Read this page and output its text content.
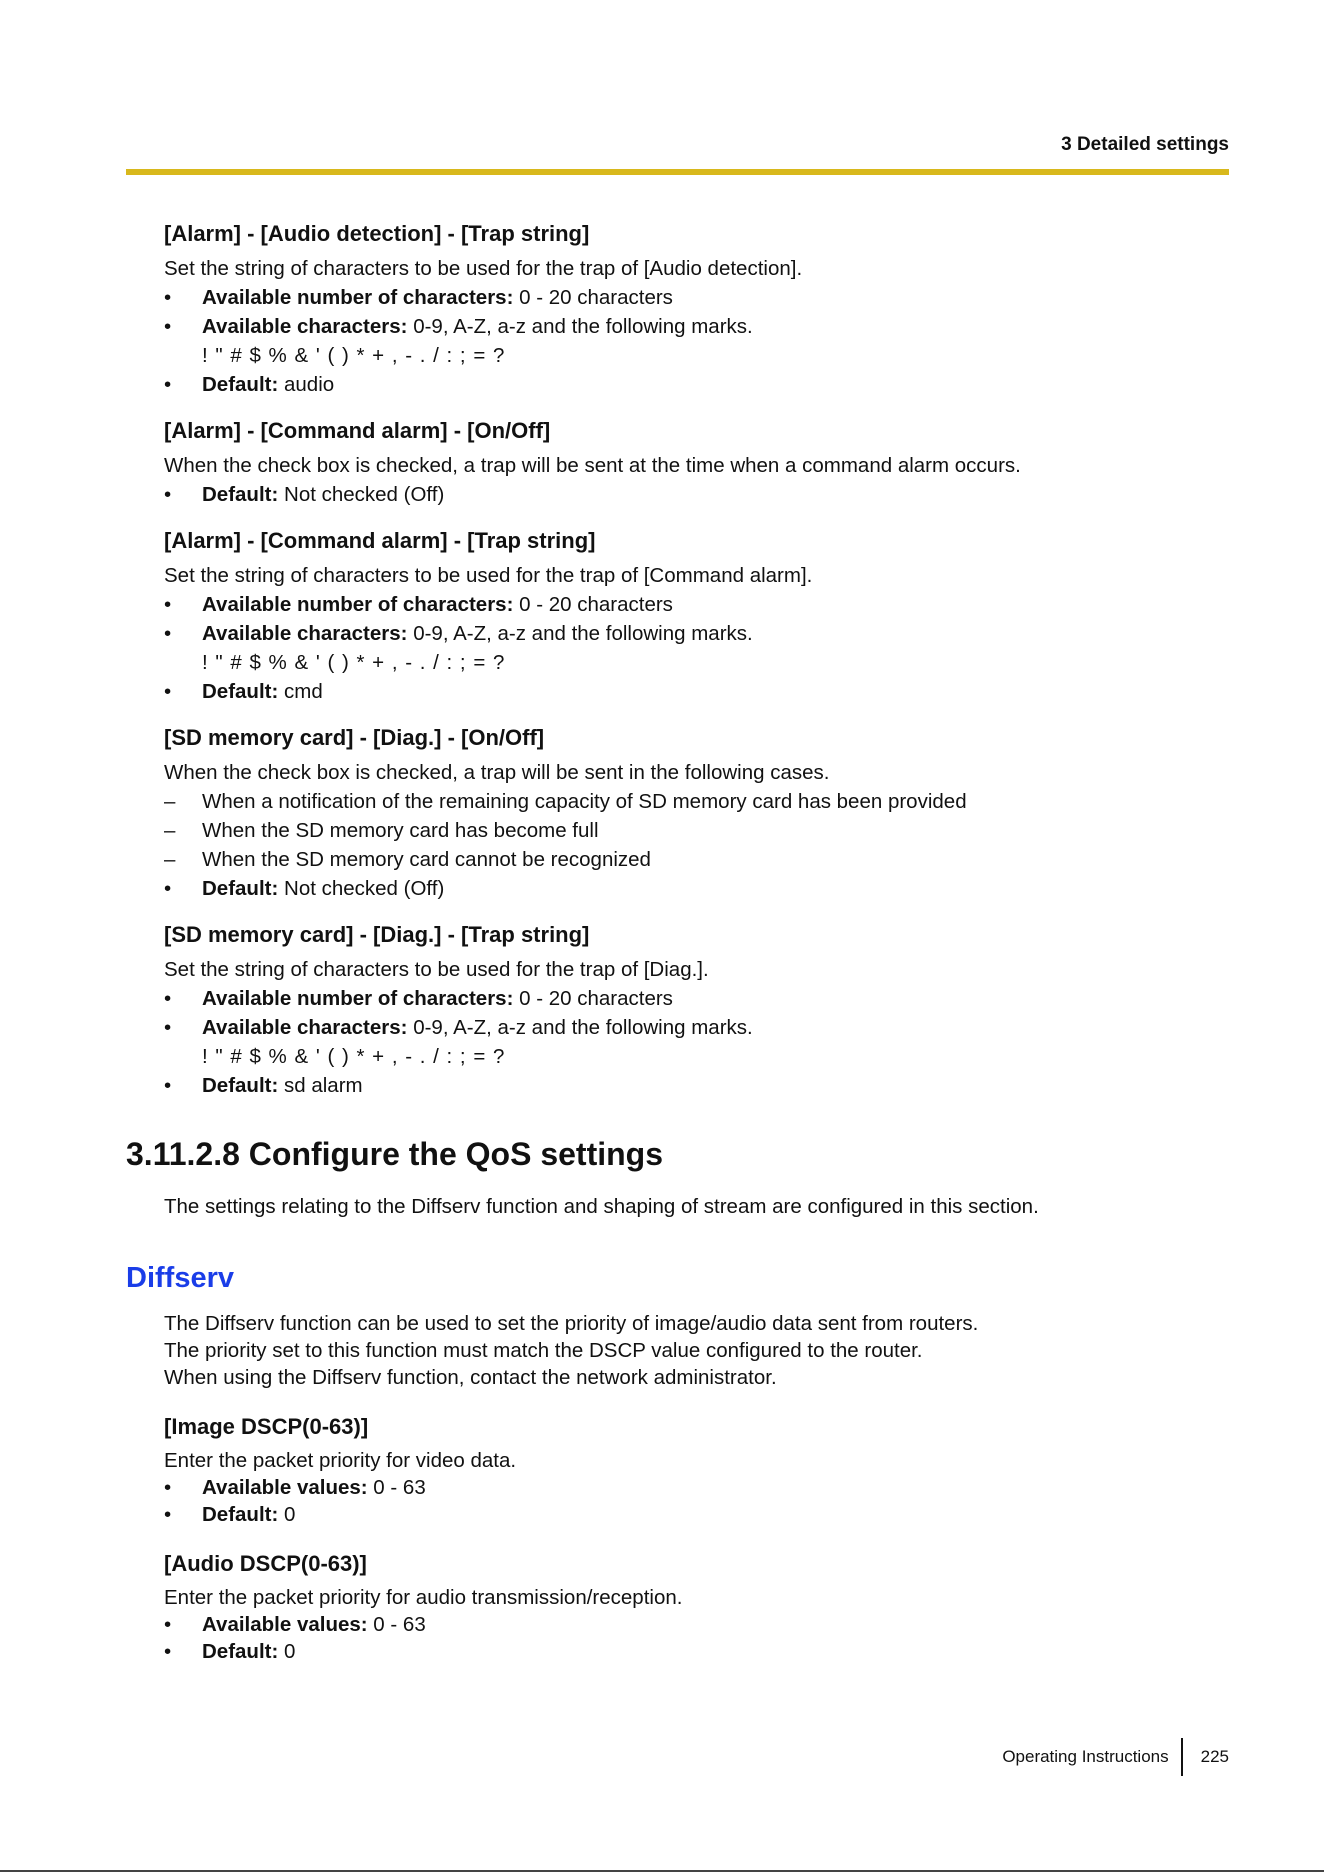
3 Detailed settings
[Alarm] - [Audio detection] - [Trap string]

Set the string of characters to be used for the trap of [Audio detection].

•	Available number of characters: 0 - 20 characters
•	Available characters: 0-9, A-Z, a-z and the following marks.

! " # $ % & ' ( ) * + , - . / : ; = ?

•	Default: audio
[Alarm] - [Command alarm] - [On/Off]

When the check box is checked, a trap will be sent at the time when a command alarm occurs.

•	Default: Not checked (Off)
[Alarm] - [Command alarm] - [Trap string]

Set the string of characters to be used for the trap of [Command alarm].

•	Available number of characters: 0 - 20 characters
•	Available characters: 0-9, A-Z, a-z and the following marks.

! " # $ % & ' ( ) * + , - . / : ; = ?

•	Default: cmd
[SD memory card] - [Diag.] - [On/Off]

When the check box is checked, a trap will be sent in the following cases.

–	When a notification of the remaining capacity of SD memory card has been provided
–	When the SD memory card has become full
–	When the SD memory card cannot be recognized
•	Default: Not checked (Off)
[SD memory card] - [Diag.] - [Trap string]

Set the string of characters to be used for the trap of [Diag.].

•	Available number of characters: 0 - 20 characters
•	Available characters: 0-9, A-Z, a-z and the following marks.

! " # $ % & ' ( ) * + , - . / : ; = ?

•	Default: sd alarm
3.11.2.8 Configure the QoS settings

The settings relating to the Diffserv function and shaping of stream are configured in this section.

Diffserv

The Diffserv function can be used to set the priority of image/audio data sent from routers.

The priority set to this function must match the DSCP value configured to the router.

When using the Diffserv function, contact the network administrator.

[Image DSCP(0-63)]

Enter the packet priority for video data.

•	Available values: 0 - 63
•	Default: 0
[Audio DSCP(0-63)]

Enter the packet priority for audio transmission/reception.

•	Available values: 0 - 63
•	Default: 0
Operating Instructions	225
